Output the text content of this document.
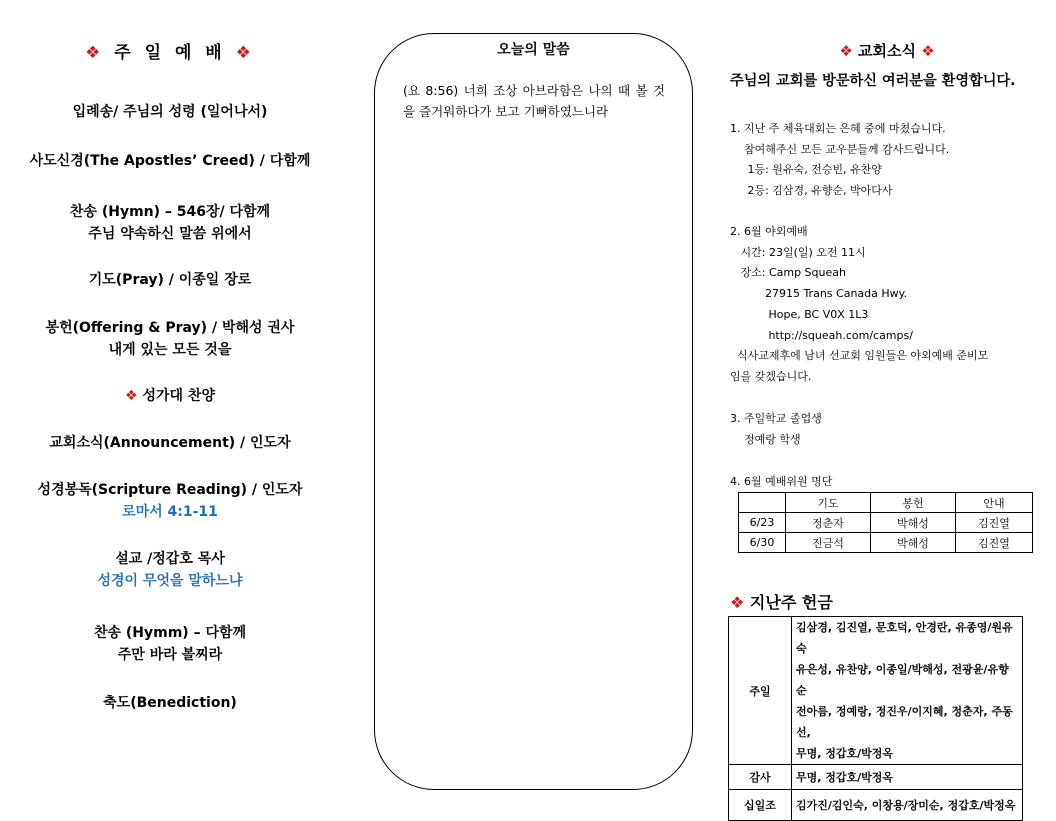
❖ 주 일 예 배 ❖
입례송/ 주님의 성령 (일어나서)
사도신경(The Apostles’ Creed) / 다함께
찬송 (Hymn) – 546장/ 다함께
주님 약속하신 말씀 위에서
기도(Pray) / 이종일 장로
봉헌(Offering & Pray) / 박해성 권사
내게 있는 모든 것을
❖ 성가대 찬양
교회소식(Announcement) / 인도자
성경봉독(Scripture Reading) / 인도자
로마서 4:1-11
설교 /정갑호 목사
성경이 무엇을 말하느냐
찬송 (Hymm) – 다함께
주만 바라 볼찌라
축도(Benediction)
오늘의 말씀
(요 8:56) 너희 조상 아브라함은 나의 때 볼 것을 즐거워하다가 보고 기뻐하였느니라
❖ 교회소식 ❖
주님의 교회를 방문하신 여러분을 환영합니다.
1. 지난 주 체육대회는 은혜 중에 마쳤습니다.
참여해주신 모든 교우분들께 감사드립니다.
1등: 원유숙, 전승빈, 유찬양
2등: 김삼경, 유향순, 박아다사
2. 6월 야외예배
시간: 23일(일) 오전 11시
장소: Camp Squeah
27915 Trans Canada Hwy.
Hope, BC V0X 1L3
http://squeah.com/camps/
식사교제후에 남녀 선교회 임원들은 야외예배 준비모
임을 갖겠습니다.
3. 주일학교 졸업생
정예랑 학생
4. 6월 예배위원 명단
	기도	봉헌	안내
6/23	정춘자	박해성	김진열
6/30	진금석	박해성	김진열
❖ 지난주 헌금
주일	김삼경, 김진열, 문호덕, 안경란, 유종영/원유숙
유은성, 유찬양, 이종일/박해성, 전광윤/유향순
전아름, 정예랑, 정진우/이지혜, 정춘자, 주동선,
무명, 정갑호/박정옥

감사	무명, 정갑호/박정옥
십일조	김가진/김인숙, 이창용/장미순, 정갑호/박정옥
